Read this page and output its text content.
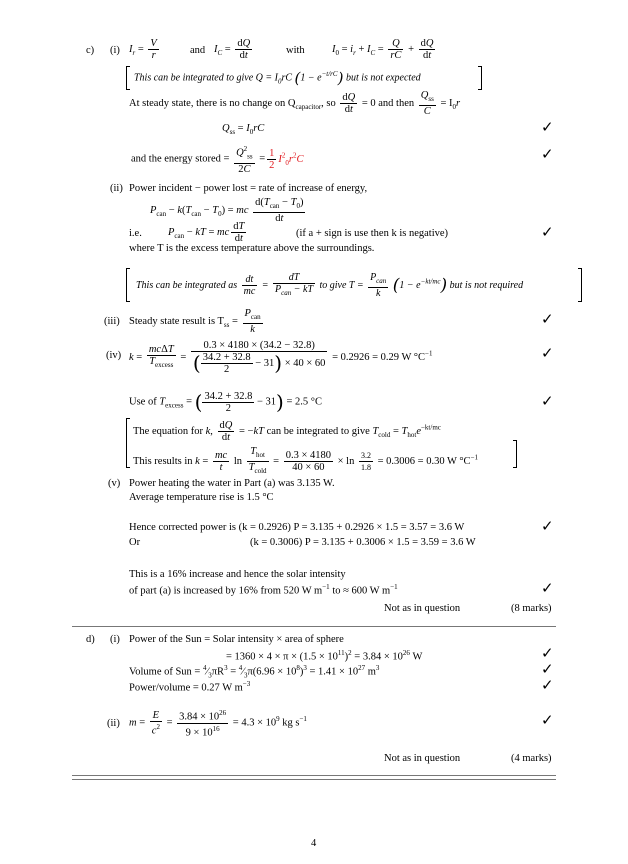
c) (i) $I_r = \frac{V}{r}$	and $I_C = \frac{dQ}{dt}$	with	$I_0 = i_r + I_C = \frac{Q}{rC} + \frac{dQ}{dt}$
This can be integrated to give $Q = I_0rC$ $(1 - e^{-t/rC})$ but is not expected
At steady state, there is no change on $Q_{capacitor}$, so $\frac{dQ}{dt} = 0$ and then $\frac{Q_{ss}}{C} = I_0r$
$Q_{ss} = I_0rC$	✓
and the energy stored = $\frac{Q^2_{ss}}{2C} = \frac{1}{2} I^2_0r^2C$	✓
(ii) Power incident − power lost = rate of increase of energy,
$P_{can} - k(T_{can} - T_0)$ = mc $\frac{d(T_{can} - T_0)}{dt}$
i.e. $P_{can}$ − kT = mc $\frac{dT}{dt}$	(if a + sign is use then k is negative)	✓
where T is the excess temperature above the surroundings.
This can be integrated as $\frac{dt}{mc} = \frac{dT}{P_{can} - kT}$ to give $T = \frac{P_{can}}{k} (1 - e^{-kt/mc})$ but is not required
(iii) Steady state result is $T_{ss} = \frac{P_{can}}{k}$	✓
(iv) $k = \frac{\text{mcΔT}}{T_{excess}} = \frac{0.3 \times 4180 \times (34.2 - 32.8)}{( \frac{34.2 + 32.8}{2} - 31) \times 40 \times 60} = 0.2926 = 0.29$ W $^\circ C^{-1}$	✓
Use of $T_{excess}$ = ( $\frac{34.2 + 32.8}{2} - 31) = 2.5$ °C	✓
The equation for k, $\frac{dQ}{dt} = -kT$ can be integrated to give $T_{cold} = T_{hot}e^{-kt/mc}$
This results in $k = \frac{mc}{t}$ $\ln \frac{T_{hot}}{T_{cold}} = \frac{0.3 \times 4180}{40 \times 60} \times \ln \frac{3.2}{1.8} = 0.3006 = 0.30$ W $^\circ C^{-1}$
(v) Power heating the water in Part (a) was 3.135 W.
Average temperature rise is 1.5 °C
Hence corrected power is (k = 0.2926) P = 3.135 + 0.2926 × 1.5 = 3.57 = 3.6 W	✓
Or	(k = 0.3006) P = 3.135 + 0.3006 × 1.5 = 3.59 = 3.6 W
This is a 16% increase and hence the solar intensity
of part (a) is increased by 16% from 520 W $m^{-1}$ to ≈ 600 W $m^{-1}$	✓
Not as in question	(8 marks)
d) (i) Power of the Sun = Solar intensity × area of sphere
= $1360 \times 4 \times \pi \times (1.5 \times 10^{11})^2 = 3.84 \times 10^{26}$ W	✓
Volume of Sun = $^4⁄_3\pi R^3$ = $^4⁄_3\pi(6.96 \times 10^8)^3 = 1.41 \times 10^{27}$ $m^3$	✓
Power/volume = 0.27 W $m^{-3}$	✓
(ii) $m = \frac{E}{c^2} = \frac{3.84 \times 10^{26}}{9 \times 10^{16}} = 4.3 \times 10^9$ kg $s^{-1}$	✓
Not as in question	(4 marks)
4
